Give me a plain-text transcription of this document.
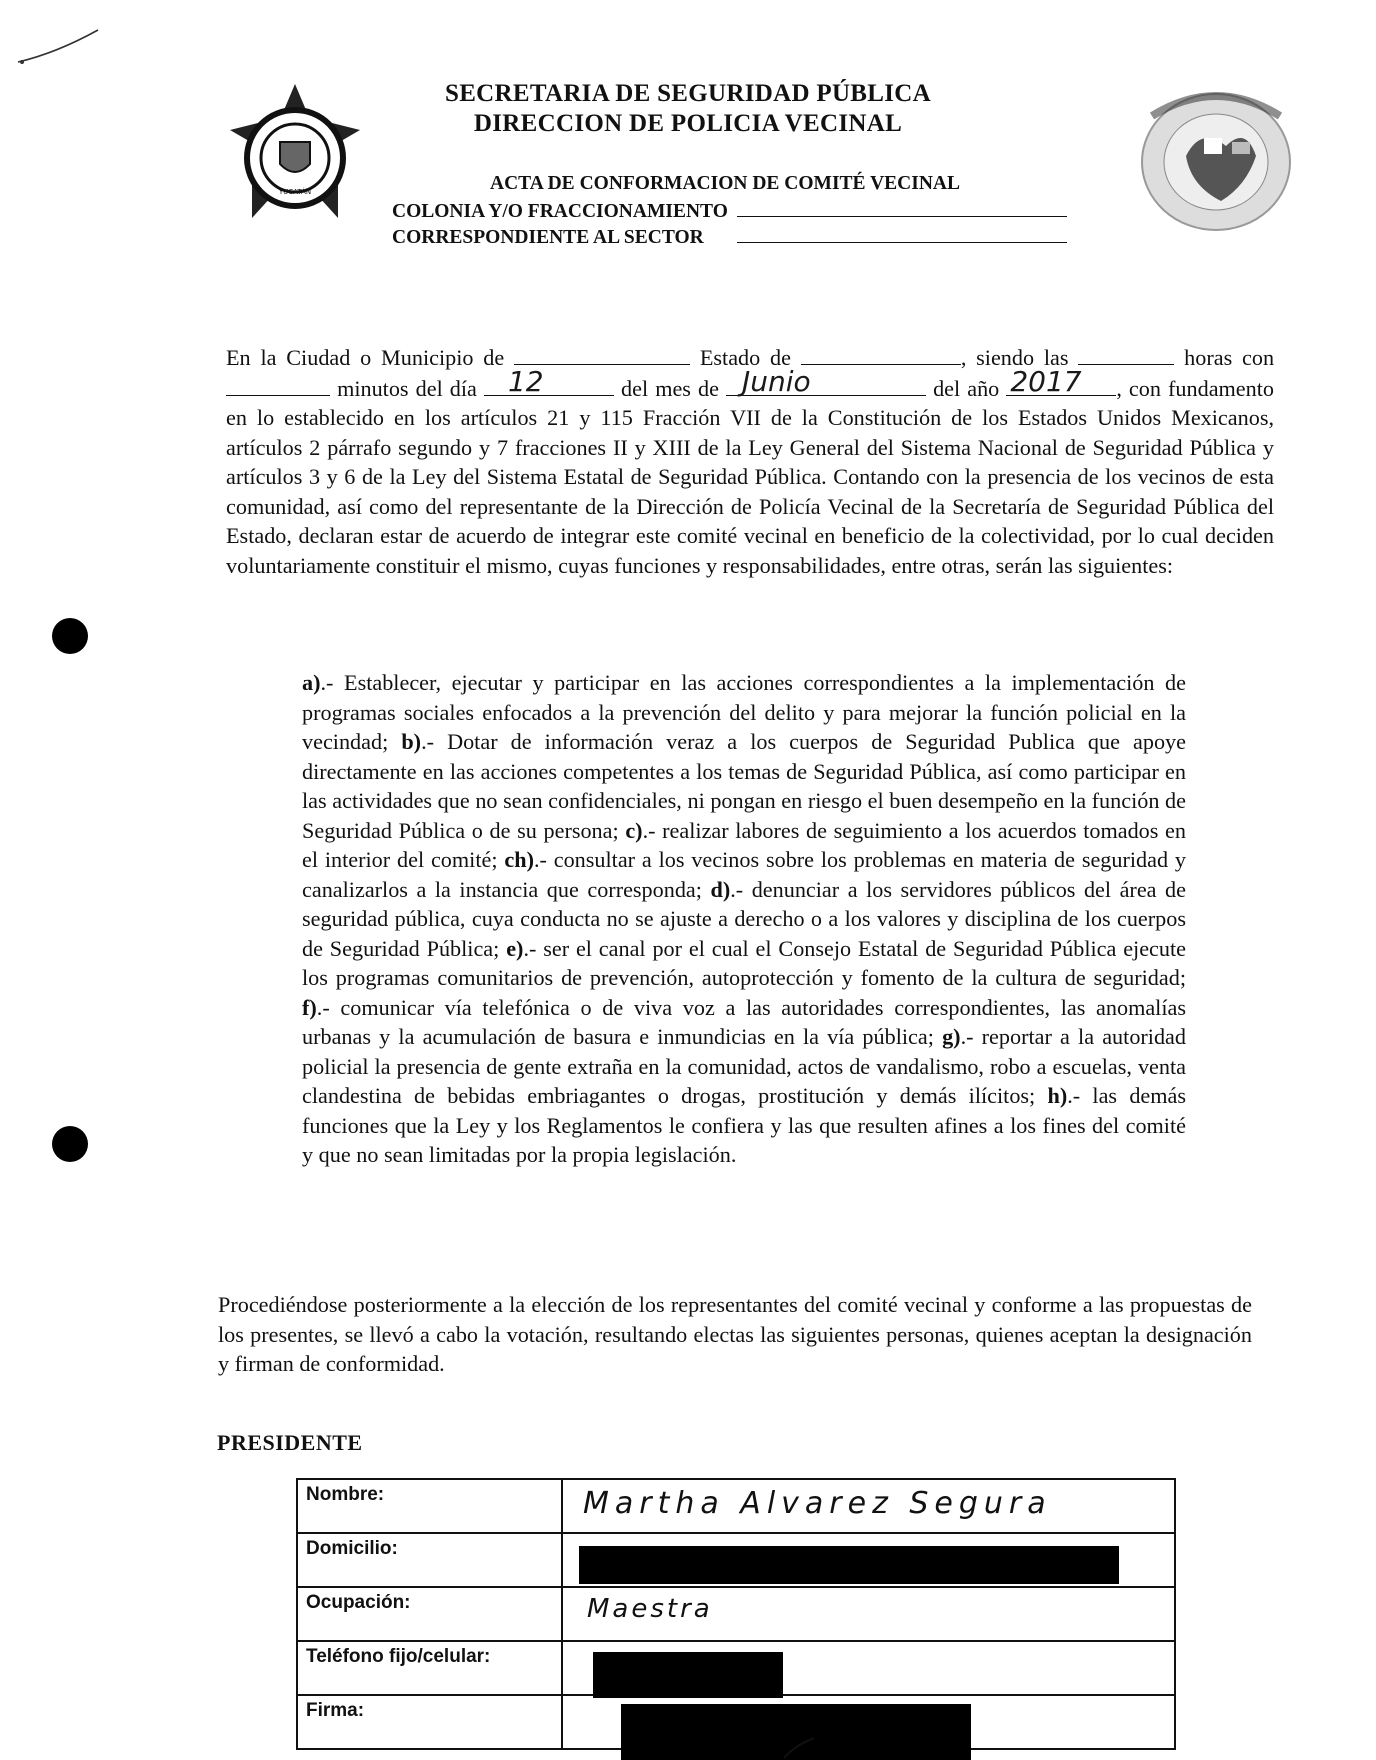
YUCATÁN
SECRETARIA DE SEGURIDAD PÚBLICA
DIRECCION DE POLICIA VECINAL
ACTA DE CONFORMACION DE COMITÉ VECINAL
COLONIA Y/O FRACCIONAMIENTO
CORRESPONDIENTE AL SECTOR
En la Ciudad o Municipio de	Estado de	, siendo las	horas con  minutos del día 12	del mes de Junio	del año 2017 , con fundamento en lo establecido en los artículos 21 y 115 Fracción VII de la Constitución de los Estados Unidos Mexicanos, artículos 2 párrafo segundo y 7 fracciones II y XIII de la Ley General del Sistema Nacional de Seguridad Pública y artículos 3 y 6 de la Ley del Sistema Estatal de Seguridad Pública. Contando con la presencia de los vecinos de esta comunidad, así como del representante de la Dirección de Policía Vecinal de la Secretaría de Seguridad Pública del Estado, declaran estar de acuerdo de integrar este comité vecinal en beneficio de la colectividad, por lo cual deciden voluntariamente constituir el mismo, cuyas funciones y responsabilidades, entre otras, serán las siguientes:
a).- Establecer, ejecutar y participar en las acciones correspondientes a la implementación de programas sociales enfocados a la prevención del delito y para mejorar la función policial en la vecindad; b).- Dotar de información veraz a los cuerpos de Seguridad Publica que apoye directamente en las acciones competentes a los temas de Seguridad Pública, así como participar en las actividades que no sean confidenciales, ni pongan en riesgo el buen desempeño en la función de Seguridad Pública o de su persona; c).- realizar labores de seguimiento a los acuerdos tomados en el interior del comité; ch).- consultar a los vecinos sobre los problemas en materia de seguridad y canalizarlos a la instancia que corresponda; d).- denunciar a los servidores públicos del área de seguridad pública, cuya conducta no se ajuste a derecho o a los valores y disciplina de los cuerpos de Seguridad Pública; e).- ser el canal por el cual el Consejo Estatal de Seguridad Pública ejecute los programas comunitarios de prevención, autoprotección y fomento de la cultura de seguridad; f).- comunicar vía telefónica o de viva voz a las autoridades correspondientes, las anomalías urbanas y la acumulación de basura e inmundicias en la vía pública; g).- reportar a la autoridad policial la presencia de gente extraña en la comunidad, actos de vandalismo, robo a escuelas, venta clandestina de bebidas embriagantes o drogas, prostitución y demás ilícitos; h).- las demás funciones que la Ley y los Reglamentos le confiera y las que resulten afines a los fines del comité y que no sean limitadas por la propia legislación.
Procediéndose posteriormente a la elección de los representantes del comité vecinal y conforme a las propuestas de los presentes, se llevó a cabo la votación, resultando electas las siguientes personas, quienes aceptan la designación y firman de conformidad.
PRESIDENTE
Nombre:	Martha Alvarez Segura

Domicilio:	

Ocupación:	Maestra

Teléfono fijo/celular:	

Firma:	
